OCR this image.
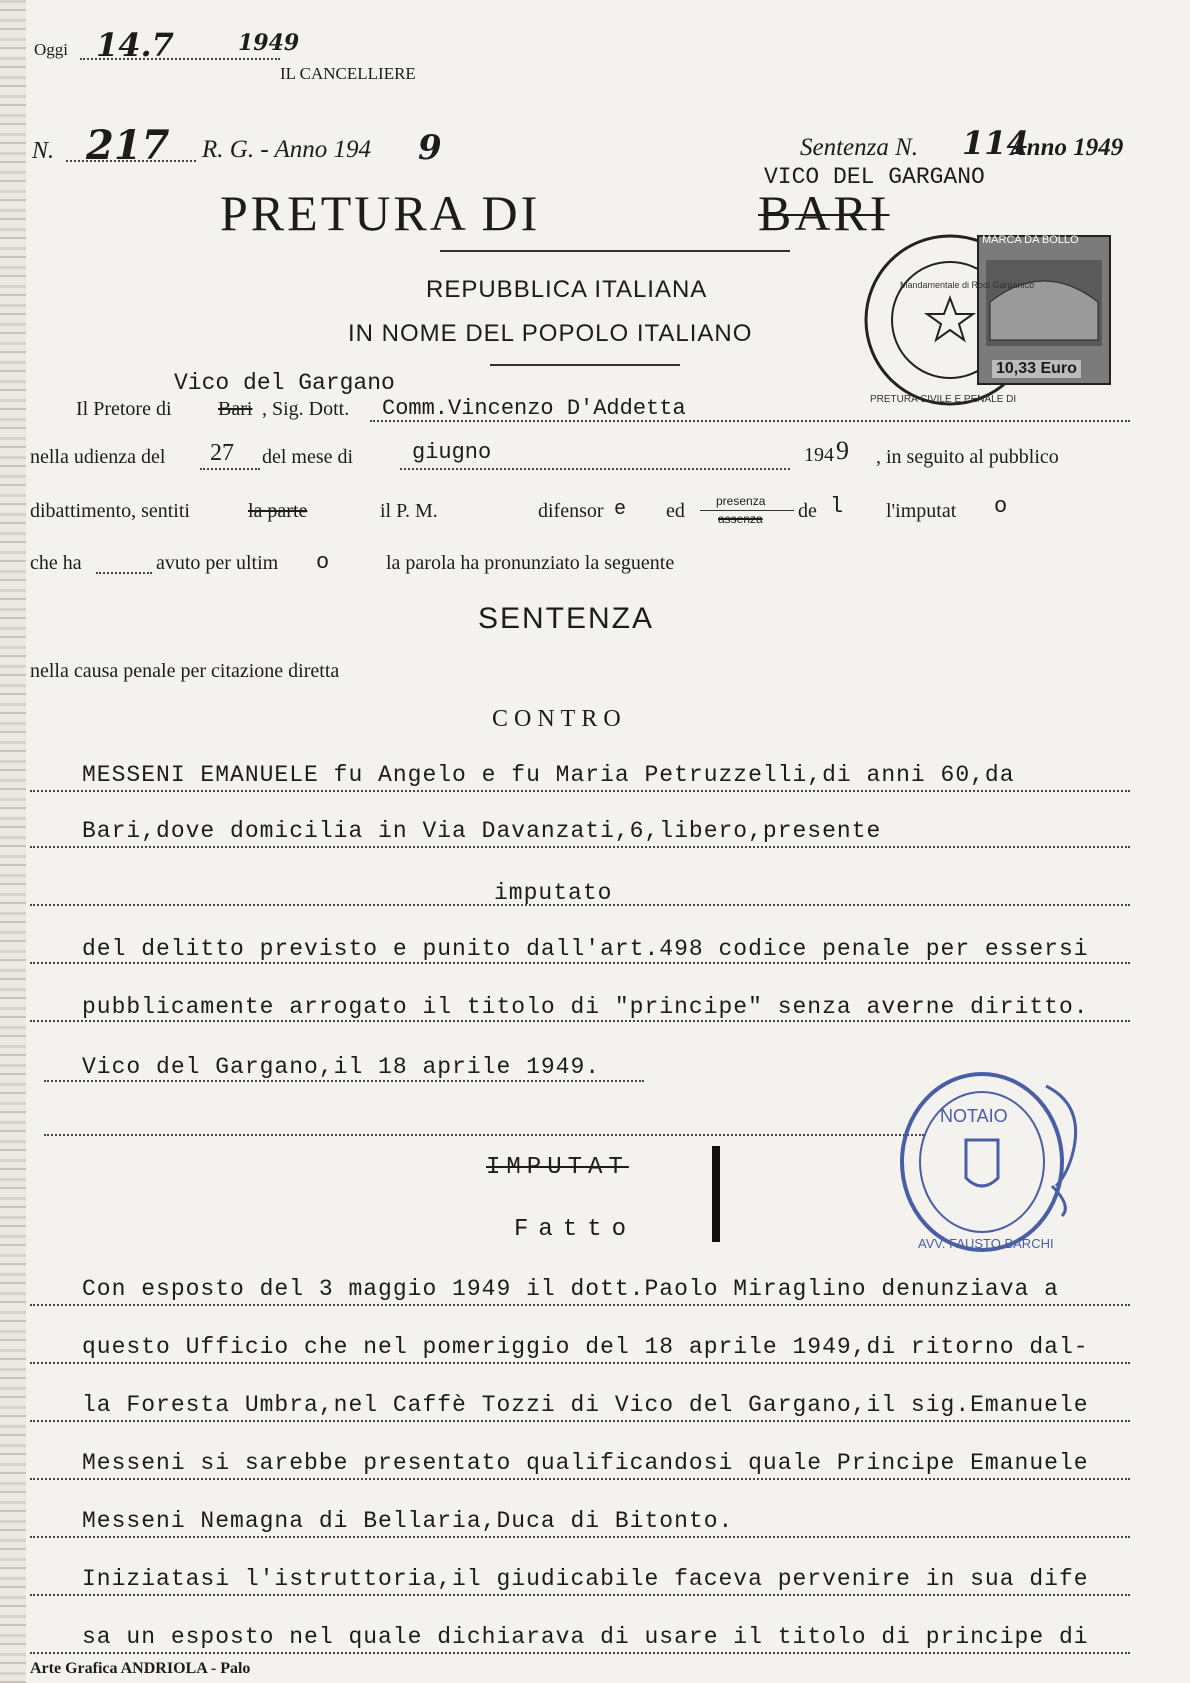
Oggi 14.7	1949
IL CANCELLIERE
N. 217 R. G. - Anno 194 9	Sentenza N. 114
Anno 1949
VICO DEL GARGANO
PRETURA DI	BARI
REPUBBLICA ITALIANA
IN NOME DEL POPOLO ITALIANO
MARCA DA BOLLO
10,33 Euro
PRETURA CIVILE E PENALE DI
Mandamentale di Rodi Garganico
Vico del Gargano
Il Pretore di Bari , Sig. Dott. Comm.Vincenzo D'Addetta
nella udienza del 27 del mese di	giugno	194 9 , in seguito al pubblico
dibattimento, sentiti	la parte	il P. M.	difensor e ed	presenza
assenza de l l'imputat o
che ha	avuto per ultim o	la parola ha pronunziato la seguente
SENTENZA
nella causa penale per citazione diretta
CONTRO
MESSENI EMANUELE fu Angelo e fu Maria Petruzzelli,di anni 60,da
Bari,dove domicilia in Via Davanzati,6,libero,presente
imputato
del delitto previsto e punito dall'art.498 codice penale per essersi
pubblicamente arrogato il titolo di "principe" senza averne diritto.
Vico del Gargano,il 18 aprile 1949.
NOTAIO
AVV. FAUSTO BARCHI
IMPUTAT
Fatto
Con esposto del 3 maggio 1949 il dott.Paolo Miraglino denunziava a
questo Ufficio che nel pomeriggio del 18 aprile 1949,di ritorno dal-
la Foresta Umbra,nel Caffè Tozzi di Vico del Gargano,il sig.Emanuele
Messeni si sarebbe presentato qualificandosi quale Principe Emanuele
Messeni Nemagna di Bellaria,Duca di Bitonto.
Iniziatasi l'istruttoria,il giudicabile faceva pervenire in sua dife
sa un esposto nel quale dichiarava di usare il titolo di principe di
Arte Grafica ANDRIOLA - Palo
